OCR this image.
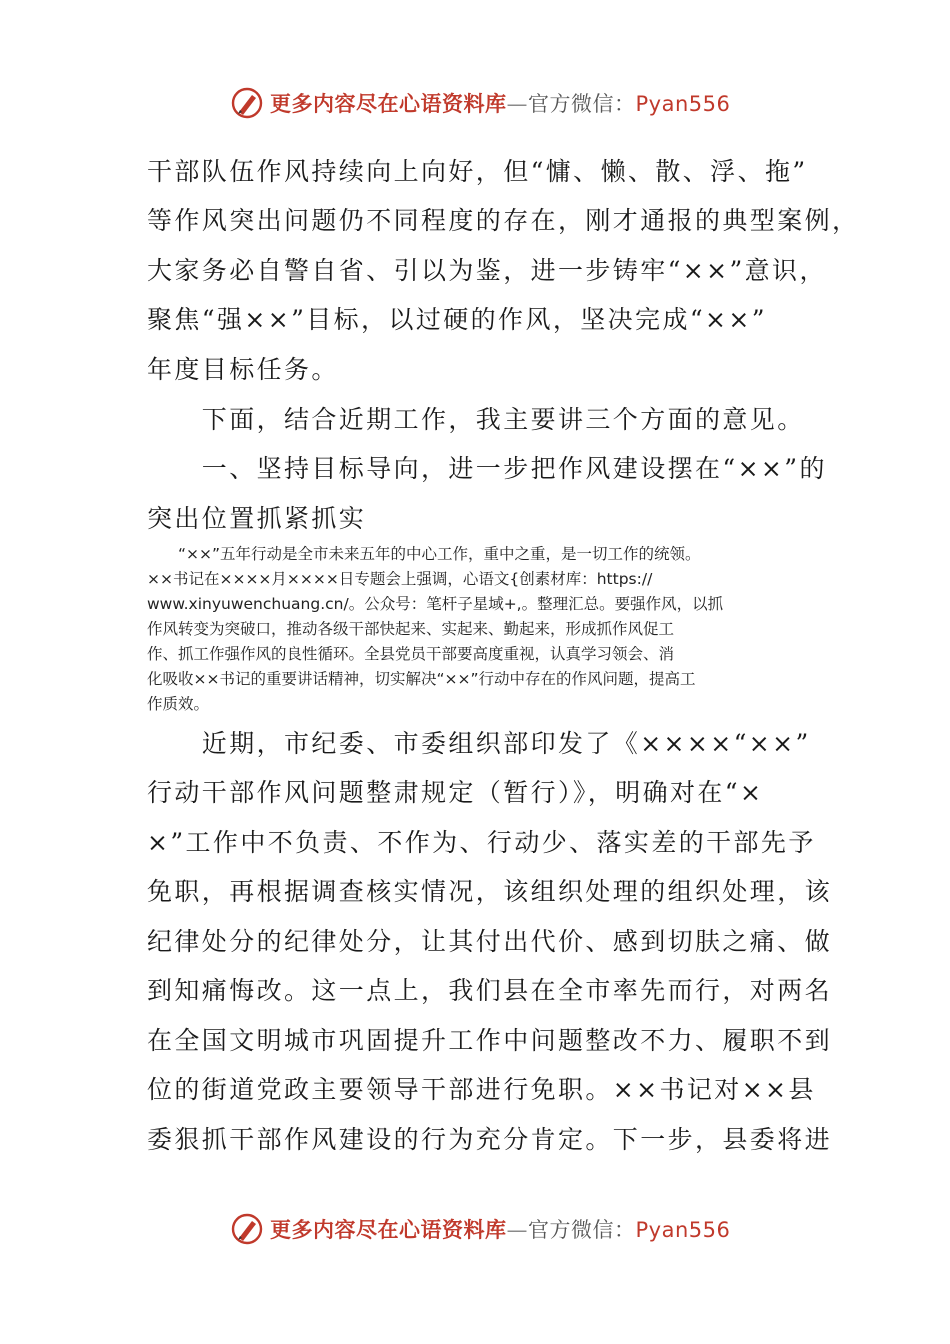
更多内容尽在心语资料库—官方微信：Pyan556

干部队伍作风持续向上向好，但“慵、懒、散、浮、拖”

等作风突出问题仍不同程度的存在，刚才通报的典型案例，

大家务必自警自省、引以为鉴，进一步铸牢“××”意识，

聚焦“强××”目标，以过硬的作风，坚决完成“××”

年度目标任务。

　　下面，结合近期工作，我主要讲三个方面的意见。

　　一、坚持目标导向，进一步把作风建设摆在“××”的

突出位置抓紧抓实

　　“××”五年行动是全市未来五年的中心工作，重中之重，是一切工作的统领。

××书记在××××月××××日专题会上强调，心语文{创素材库：https://

www.xinyuwenchuang.cn/。公众号：笔杆子星域+,。整理汇总。要强作风，以抓

作风转变为突破口，推动各级干部快起来、实起来、勤起来，形成抓作风促工

作、抓工作强作风的良性循环。全县党员干部要高度重视，认真学习领会、消

化吸收××书记的重要讲话精神，切实解决“××”行动中存在的作风问题，提高工

作质效。

　　近期，市纪委、市委组织部印发了《××××“××”

行动干部作风问题整肃规定（暂行）》，明确对在“×

×”工作中不负责、不作为、行动少、落实差的干部先予

免职，再根据调查核实情况，该组织处理的组织处理，该

纪律处分的纪律处分，让其付出代价、感到切肤之痛、做

到知痛悔改。这一点上，我们县在全市率先而行，对两名

在全国文明城市巩固提升工作中问题整改不力、履职不到

位的街道党政主要领导干部进行免职。××书记对××县

委狠抓干部作风建设的行为充分肯定。下一步，县委将进

更多内容尽在心语资料库—官方微信：Pyan556
